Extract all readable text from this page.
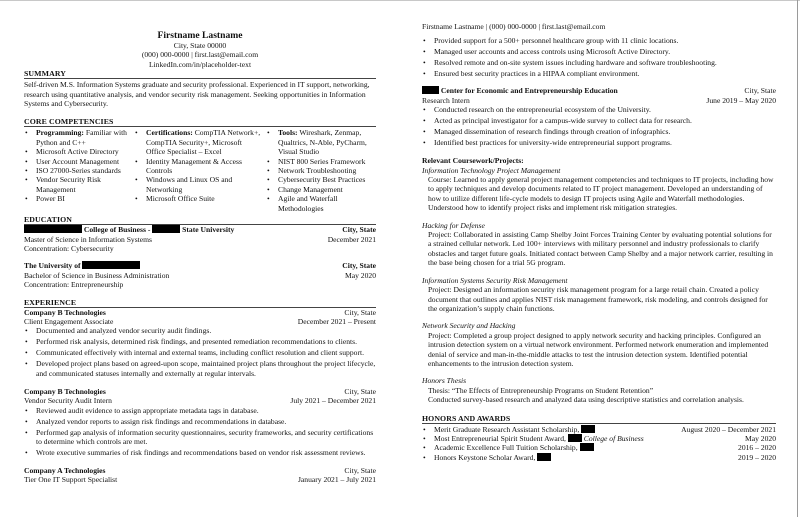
Firstname Lastname
City, State 00000
(000) 000-0000 | first.last@email.com
LinkedIn.com/in/placeholder-text
SUMMARY
Self-driven M.S. Information Systems graduate and security professional. Experienced in IT support, networking, research using quantitative analysis, and vendor security risk management. Seeking opportunities in Information Systems and Cybersecurity.
CORE COMPETENCIES
• Programming: Familiar with Python and C++
• Microsoft Active Directory
• User Account Management
• ISO 27000-Series standards
• Vendor Security Risk Management
• Power BI
• Certifications: CompTIA Network+, CompTIA Security+, Microsoft Office Specialist – Excel
• Identity Management & Access Controls
• Windows and Linux OS and Networking
• Microsoft Office Suite
• Tools: Wireshark, Zenmap, Qualtrics, N-Able, PyCharm, Visual Studio
• NIST 800 Series Framework
• Network Troubleshooting
• Cybersecurity Best Practices
• Change Management
• Agile and Waterfall Methodologies
EDUCATION
College of Business -	State University	City, State
Master of Science in Information Systems	December 2021
Concentration: Cybersecurity
The University of	City, State
Bachelor of Science in Business Administration	May 2020
Concentration: Entrepreneurship
EXPERIENCE
Company B Technologies	City, State
Client Engagement Associate	December 2021 – Present
• Documented and analyzed vendor security audit findings.
• Performed risk analysis, determined risk findings, and presented remediation recommendations to clients.
• Communicated effectively with internal and external teams, including conflict resolution and client support.
• Developed project plans based on agreed-upon scope, maintained project plans throughout the project lifecycle, and communicated statuses internally and externally at regular intervals.
Company B Technologies	City, State
Vendor Security Audit Intern	July 2021 – December 2021
• Reviewed audit evidence to assign appropriate metadata tags in database.
• Analyzed vendor reports to assign risk findings and recommendations in database.
• Performed gap analysis of information security questionnaires, security frameworks, and security certifications to determine which controls are met.
• Wrote executive summaries of risk findings and recommendations based on vendor risk assessment reviews.
Company A Technologies	City, State
Tier One IT Support Specialist	January 2021 – July 2021
Firstname Lastname | (000) 000-0000 | first.last@email.com
• Provided support for a 500+ personnel healthcare group with 11 clinic locations.
• Managed user accounts and access controls using Microsoft Active Directory.
• Resolved remote and on-site system issues including hardware and software troubleshooting.
• Ensured best security practices in a HIPAA compliant environment.
Center for Economic and Entrepreneurship Education	City, State
Research Intern	June 2019 – May 2020
• Conducted research on the entrepreneurial ecosystem of the University.
• Acted as principal investigator for a campus-wide survey to collect data for research.
• Managed dissemination of research findings through creation of infographics.
• Identified best practices for university-wide entrepreneurial support programs.
Relevant Coursework/Projects:
Information Technology Project Management
Course: Learned to apply general project management competencies and techniques to IT projects, including how to apply techniques and develop documents related to IT project management. Developed an understanding of how to utilize different life-cycle models to design IT projects using Agile and Waterfall methodologies. Understood how to identify project risks and implement risk mitigation strategies.
Hacking for Defense
Project: Collaborated in assisting Camp Shelby Joint Forces Training Center by evaluating potential solutions for a strained cellular network. Led 100+ interviews with military personnel and industry professionals to clarify obstacles and target future goals. Initiated contact between Camp Shelby and a major network carrier, resulting in the base being chosen for a trial 5G program.
Information Systems Security Risk Management
Project: Designed an information security risk management program for a large retail chain. Created a policy document that outlines and applies NIST risk management framework, risk modeling, and controls designed for the organization’s supply chain functions.
Network Security and Hacking
Project: Completed a group project designed to apply network security and hacking principles. Configured an intrusion detection system on a virtual network environment. Performed network enumeration and implemented denial of service and man-in-the-middle attacks to test the intrusion detection system. Identified potential enhancements to the intrusion detection system.
Honors Thesis
Thesis: “The Effects of Entrepreneurship Programs on Student Retention”
Conducted survey-based research and analyzed data using descriptive statistics and correlation analysis.
HONORS AND AWARDS
• Merit Graduate Research Assistant Scholarship,	August 2020 – December 2021
• Most Entrepreneurial Spirit Student Award, College of Business	May 2020
• Academic Excellence Full Tuition Scholarship,	2016 – 2020
• Honors Keystone Scholar Award,	2019 – 2020
